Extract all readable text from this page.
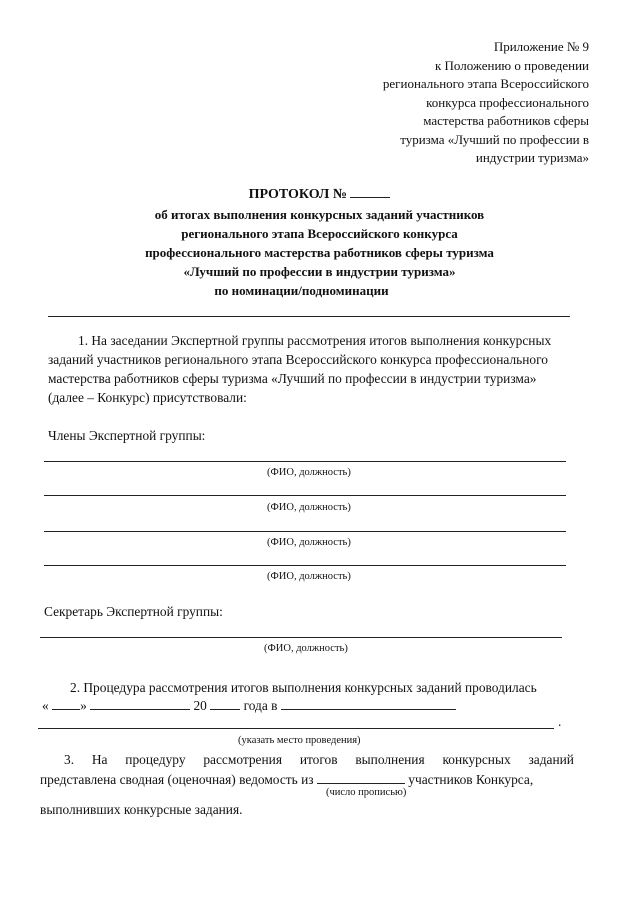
Приложение № 9
к Положению о проведении
регионального этапа Всероссийского
конкурса профессионального
мастерства работников сферы
туризма «Лучший по профессии в
индустрии туризма»
ПРОТОКОЛ №
об итогах выполнения конкурсных заданий участников
регионального этапа Всероссийского конкурса
профессионального мастерства работников сферы туризма
«Лучший по профессии в индустрии туризма»
по номинации/подноминации
1. На заседании Экспертной группы рассмотрения итогов выполнения конкурсных
заданий участников регионального этапа Всероссийского конкурса профессионального
мастерства работников сферы туризма «Лучший по профессии в индустрии туризма»
(далее – Конкурс) присутствовали:
Члены Экспертной группы:
(ФИО, должность)
(ФИО, должность)
(ФИО, должность)
(ФИО, должность)
Секретарь Экспертной группы:
(ФИО, должность)
2. Процедура рассмотрения итогов выполнения конкурсных заданий проводилась
« »	20	года в
.
(указать место проведения)
3. На процедуру рассмотрения итогов выполнения конкурсных заданий
представлена сводная (оценочная) ведомость из	участников Конкурса,
(число прописью)
выполнивших конкурсные задания.
